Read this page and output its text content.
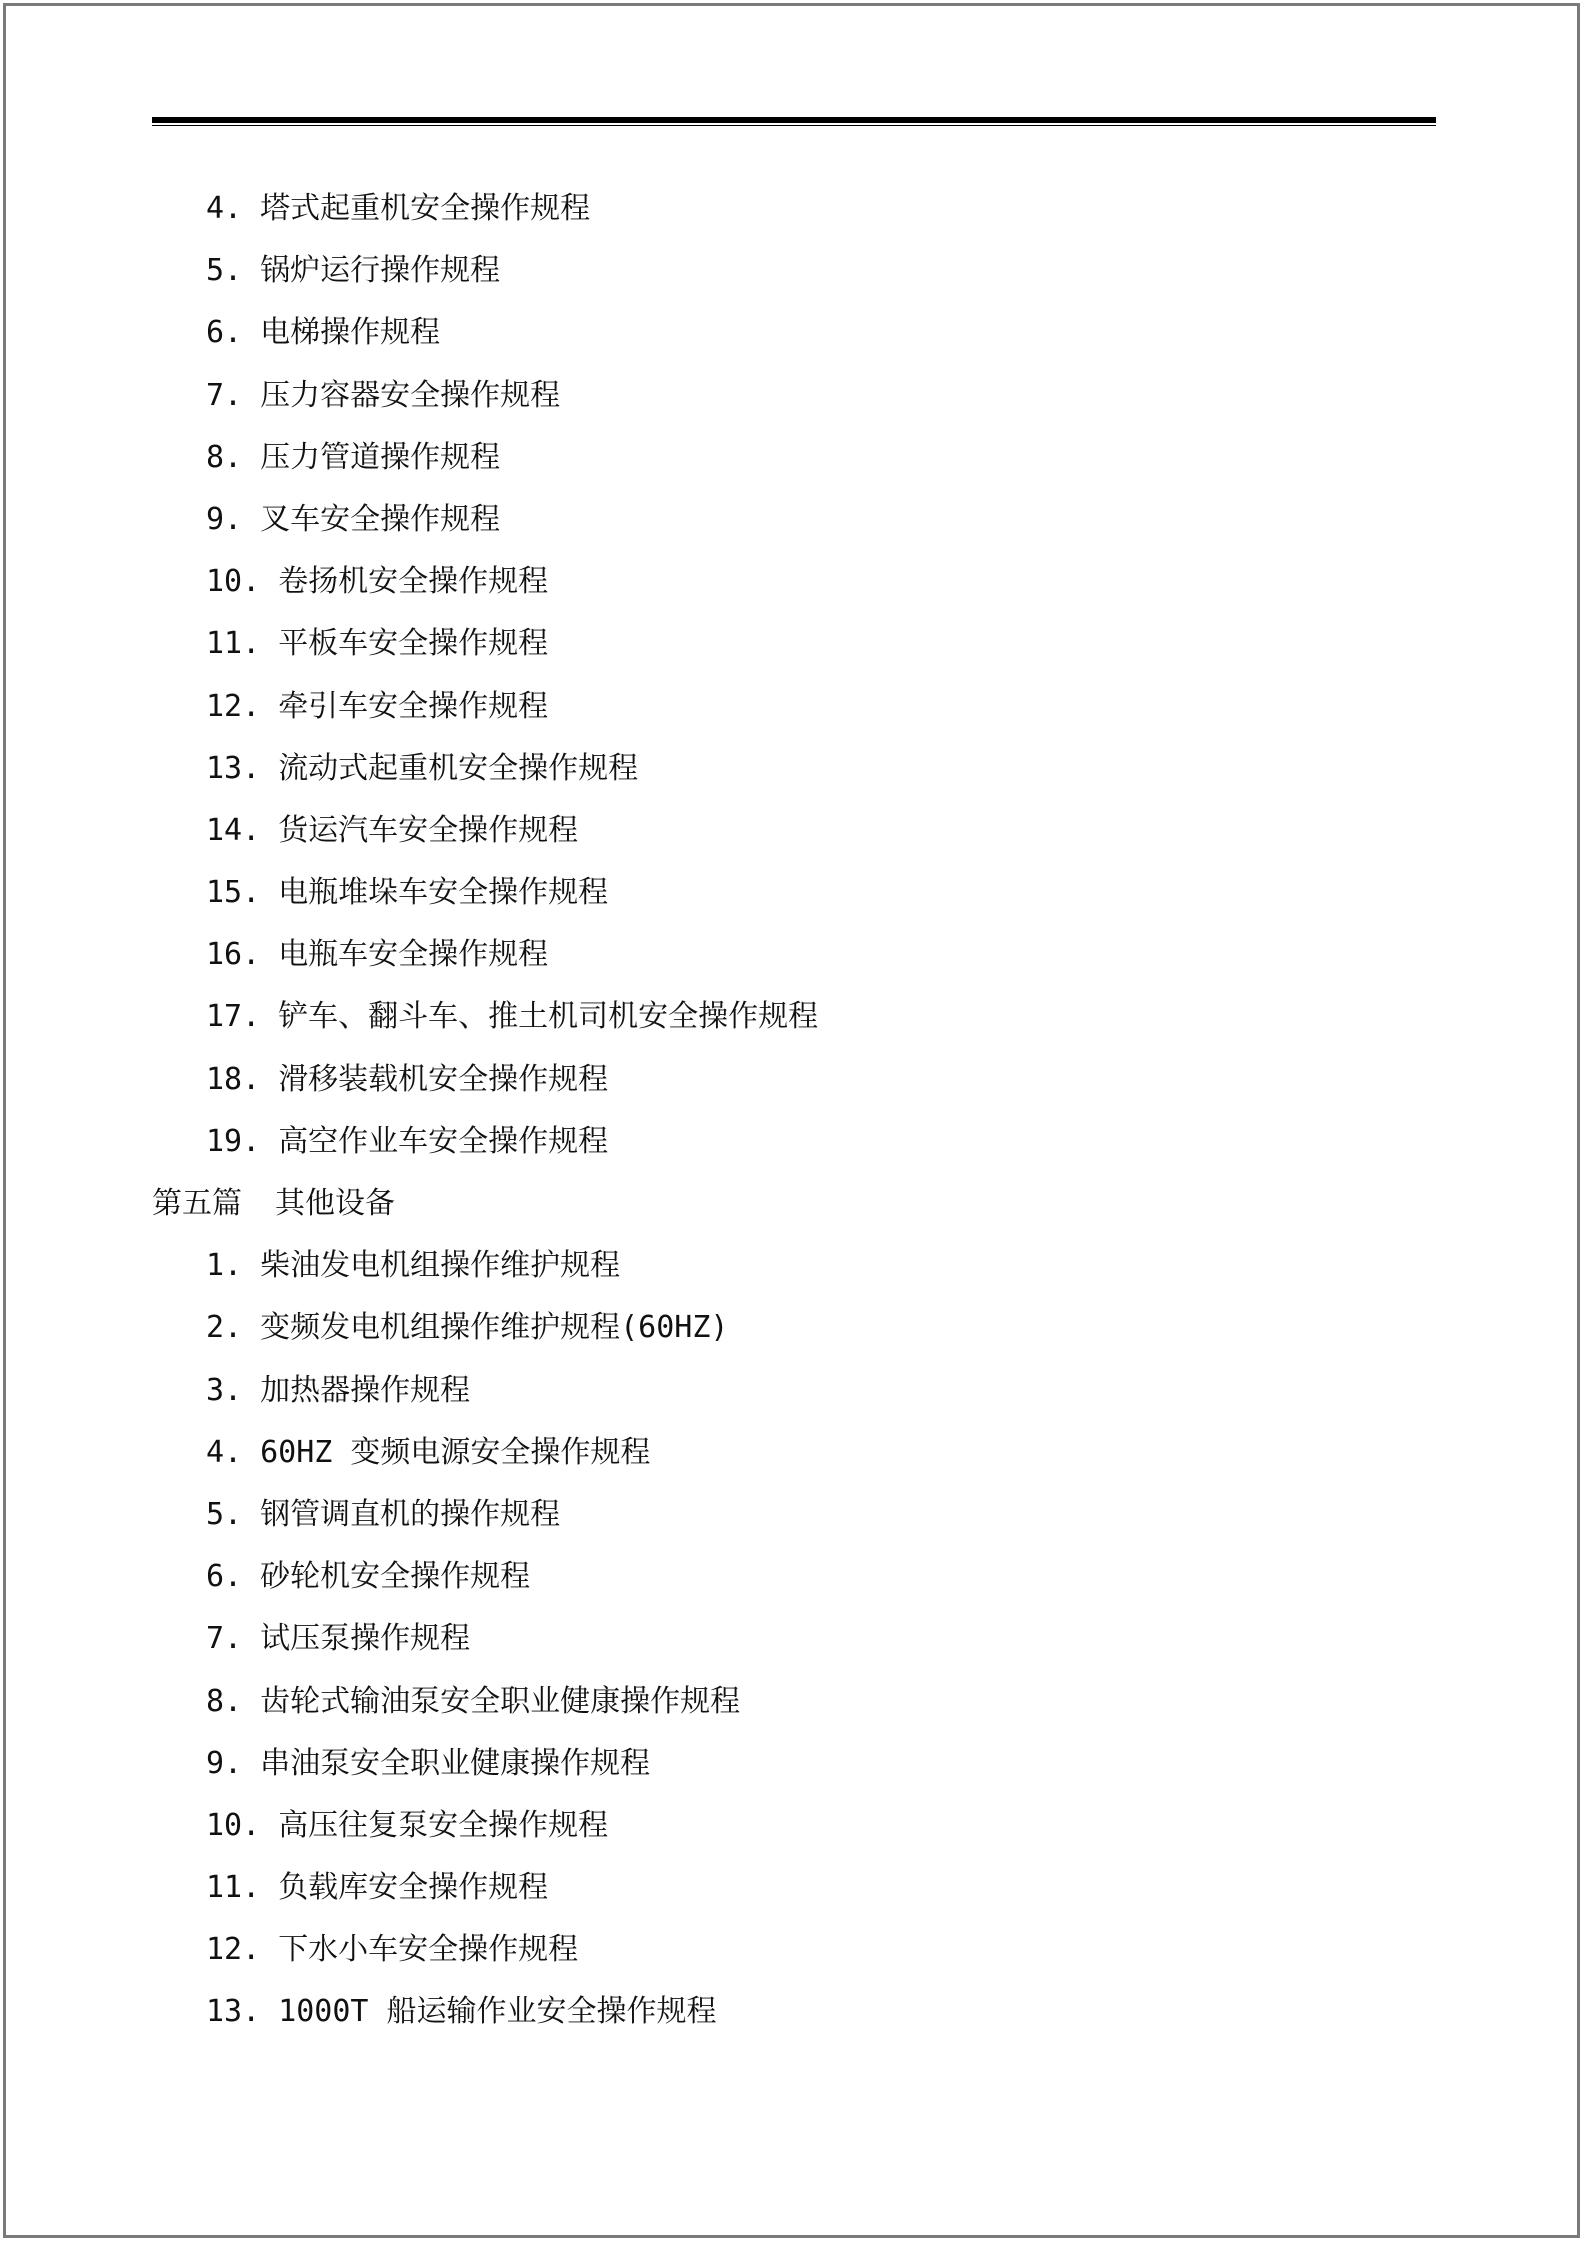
4. 塔式起重机安全操作规程
5. 锅炉运行操作规程
6. 电梯操作规程
7. 压力容器安全操作规程
8. 压力管道操作规程
9. 叉车安全操作规程
10. 卷扬机安全操作规程
11. 平板车安全操作规程
12. 牵引车安全操作规程
13. 流动式起重机安全操作规程
14. 货运汽车安全操作规程
15. 电瓶堆垛车安全操作规程
16. 电瓶车安全操作规程
17. 铲车、翻斗车、推土机司机安全操作规程
18. 滑移装载机安全操作规程
19. 高空作业车安全操作规程
第五篇 其他设备
1. 柴油发电机组操作维护规程
2. 变频发电机组操作维护规程(60HZ)
3. 加热器操作规程
4. 60HZ 变频电源安全操作规程
5. 钢管调直机的操作规程
6. 砂轮机安全操作规程
7. 试压泵操作规程
8. 齿轮式输油泵安全职业健康操作规程
9. 串油泵安全职业健康操作规程
10. 高压往复泵安全操作规程
11. 负载库安全操作规程
12. 下水小车安全操作规程
13. 1000T 船运输作业安全操作规程
